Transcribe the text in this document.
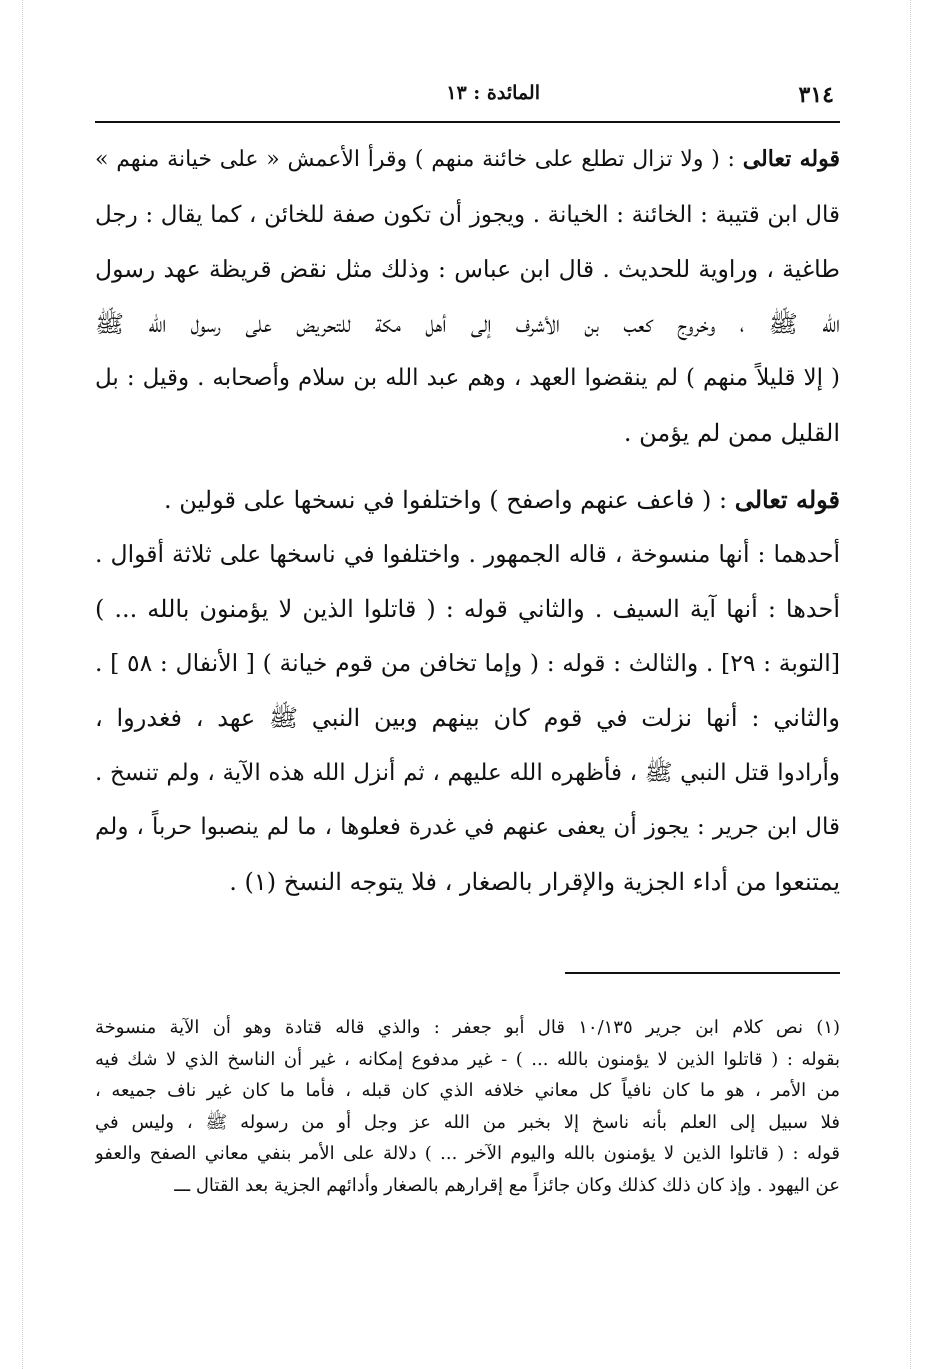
٣١٤
المائدة : ١٣
قوله تعالى : ( ولا تزال تطلع على خائنة منهم ) وقرأ الأعمش « على خيانة منهم »
قال ابن قتيبة : الخائنة : الخيانة . ويجوز أن تكون صفة للخائن ، كما يقال : رجل
طاغية ، وراوية للحديث . قال ابن عباس : وذلك مثل نقض قريظة عهد رسول
الله ﷺ ، وخروج كعب بن الأشرف إلى أهل مكة للتحريض على رسول الله ﷺ
( إلا قليلاً منهم ) لم ينقضوا العهد ، وهم عبد الله بن سلام وأصحابه . وقيل : بل
القليل ممن لم يؤمن .
قوله تعالى : ( فاعف عنهم واصفح ) واختلفوا في نسخها على قولين .
أحدهما : أنها منسوخة ، قاله الجمهور . واختلفوا في ناسخها على ثلاثة أقوال .
أحدها : أنها آية السيف . والثاني قوله : ( قاتلوا الذين لا يؤمنون بالله ... )
[التوبة : ٢٩] . والثالث : قوله : ( وإما تخافن من قوم خيانة ) [ الأنفال : ٥٨ ] .
والثاني : أنها نزلت في قوم كان بينهم وبين النبي ﷺ عهد ، فغدروا ،
وأرادوا قتل النبي ﷺ ، فأظهره الله عليهم ، ثم أنزل الله هذه الآية ، ولم تنسخ .
قال ابن جرير : يجوز أن يعفى عنهم في غدرة فعلوها ، ما لم ينصبوا حرباً ، ولم
يمتنعوا من أداء الجزية والإقرار بالصغار ، فلا يتوجه النسخ (١) .
(١) نص كلام ابن جرير ١٠/١٣٥ قال أبو جعفر : والذي قاله قتادة وهو أن الآية منسوخة
بقوله : ( قاتلوا الذين لا يؤمنون بالله ... ) - غير مدفوع إمكانه ، غير أن الناسخ الذي لا شك فيه
من الأمر ، هو ما كان نافياً كل معاني خلافه الذي كان قبله ، فأما ما كان غير ناف جميعه ،
فلا سبيل إلى العلم بأنه ناسخ إلا بخبر من الله عز وجل أو من رسوله ﷺ ، وليس في
قوله : ( قاتلوا الذين لا يؤمنون بالله واليوم الآخر ... ) دلالة على الأمر بنفي معاني الصفح والعفو
عن اليهود . وإذ كان ذلك كذلك وكان جائزاً مع إقرارهم بالصغار وأدائهم الجزية بعد القتال ـــ
